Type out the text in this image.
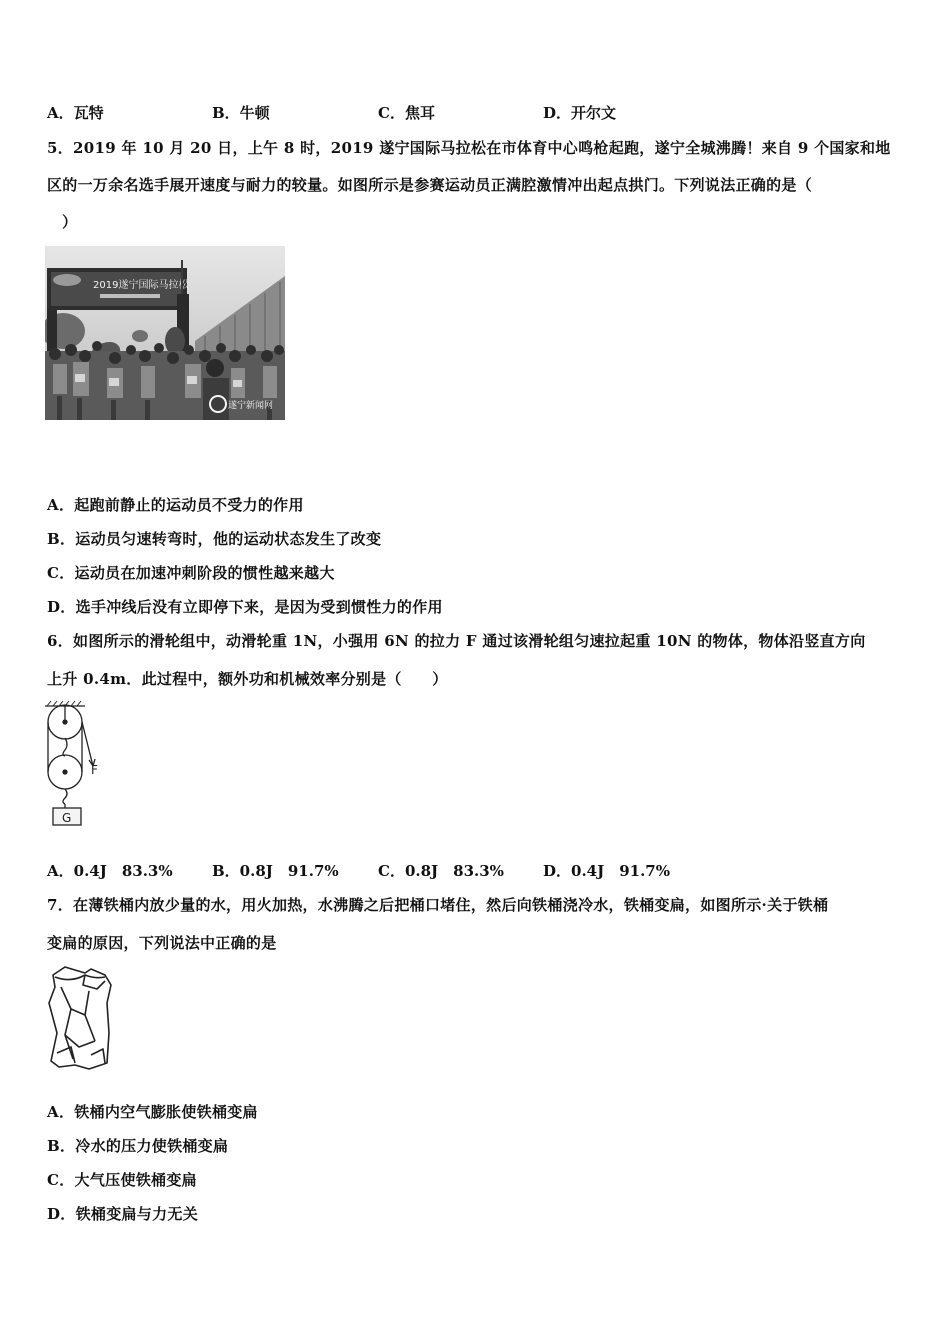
A．瓦特	B．牛顿	C．焦耳	D．开尔文
5．2019 年 10 月 20 日，上午 8 时，2019 遂宁国际马拉松在市体育中心鸣枪起跑，遂宁全城沸腾！来自 9 个国家和地
区的一万余名选手展开速度与耐力的较量。如图所示是参赛运动员正满腔激情冲出起点拱门。下列说法正确的是（
）
2019遂宁国际马拉松
遂宁新闻网
A．起跑前静止的运动员不受力的作用
B．运动员匀速转弯时，他的运动状态发生了改变
C．运动员在加速冲刺阶段的惯性越来越大
D．选手冲线后没有立即停下来，是因为受到惯性力的作用
6．如图所示的滑轮组中，动滑轮重 1N，小强用 6N 的拉力 F 通过该滑轮组匀速拉起重 10N 的物体，物体沿竖直方向
上升 0.4m．此过程中，额外功和机械效率分别是（　　）
F
G
A．0.4J　83.3%	B．0.8J　91.7%	C．0.8J　83.3%	D．0.4J　91.7%
7．在薄铁桶内放少量的水，用火加热，水沸腾之后把桶口堵住，然后向铁桶浇冷水，铁桶变扁，如图所示·关于铁桶
变扁的原因，下列说法中正确的是
A．铁桶内空气膨胀使铁桶变扁
B．冷水的压力使铁桶变扁
C．大气压使铁桶变扁
D．铁桶变扁与力无关
